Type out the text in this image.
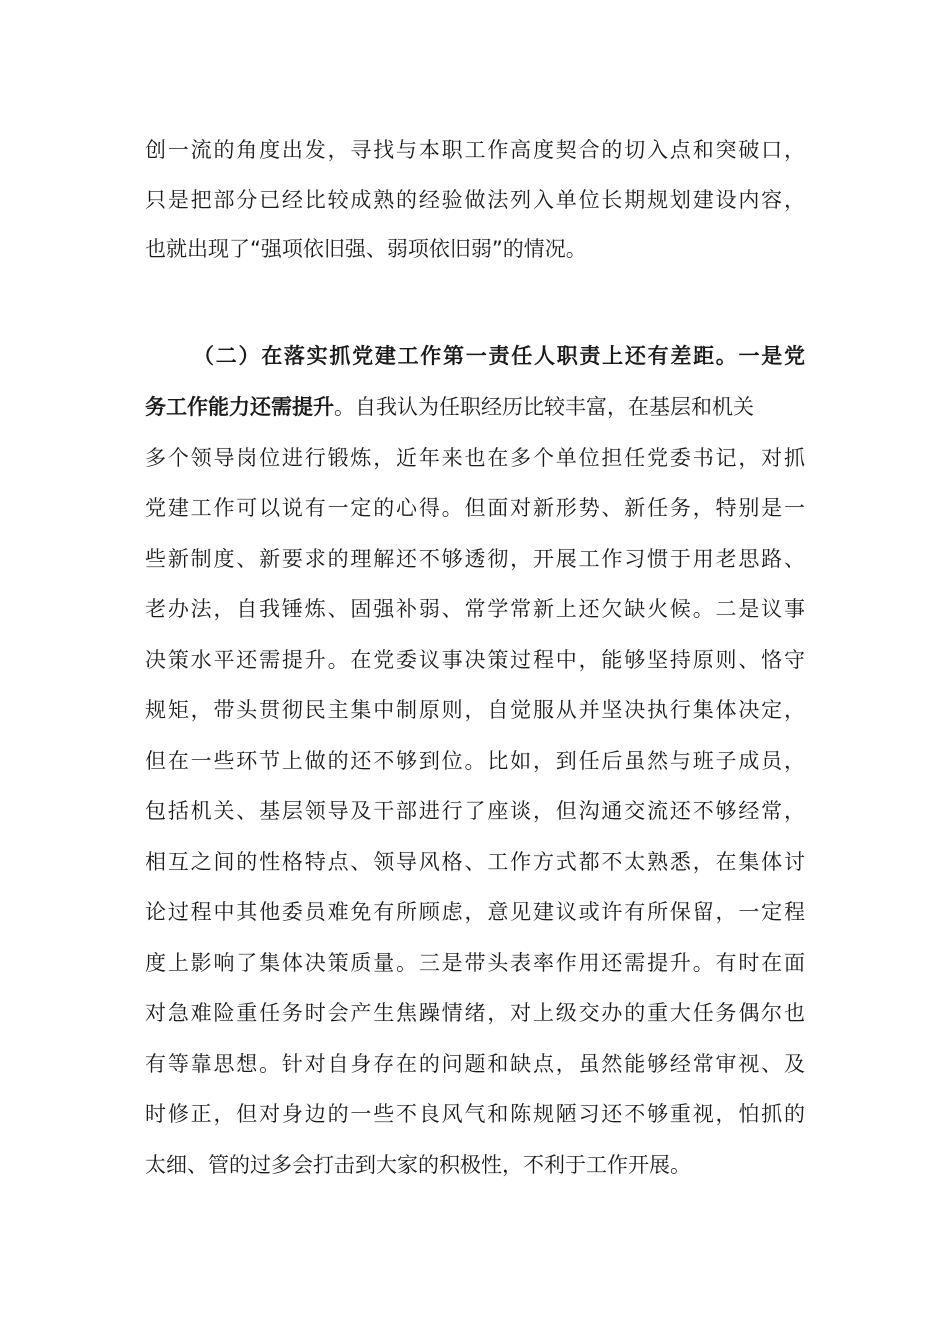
创一流的角度出发，寻找与本职工作高度契合的切入点和突破口，
只是把部分已经比较成熟的经验做法列入单位长期规划建设内容，
也就出现了“强项依旧强、弱项依旧弱”的情况。
（二）在落实抓党建工作第一责任人职责上还有差距。一是党
务工作能力还需提升。自我认为任职经历比较丰富，在基层和机关
多个领导岗位进行锻炼，近年来也在多个单位担任党委书记，对抓
党建工作可以说有一定的心得。但面对新形势、新任务，特别是一
些新制度、新要求的理解还不够透彻，开展工作习惯于用老思路、
老办法，自我锤炼、固强补弱、常学常新上还欠缺火候。二是议事
决策水平还需提升。在党委议事决策过程中，能够坚持原则、恪守
规矩，带头贯彻民主集中制原则，自觉服从并坚决执行集体决定，
但在一些环节上做的还不够到位。比如，到任后虽然与班子成员，
包括机关、基层领导及干部进行了座谈，但沟通交流还不够经常，
相互之间的性格特点、领导风格、工作方式都不太熟悉，在集体讨
论过程中其他委员难免有所顾虑，意见建议或许有所保留，一定程
度上影响了集体决策质量。三是带头表率作用还需提升。有时在面
对急难险重任务时会产生焦躁情绪，对上级交办的重大任务偶尔也
有等靠思想。针对自身存在的问题和缺点，虽然能够经常审视、及
时修正，但对身边的一些不良风气和陈规陋习还不够重视，怕抓的
太细、管的过多会打击到大家的积极性，不利于工作开展。
